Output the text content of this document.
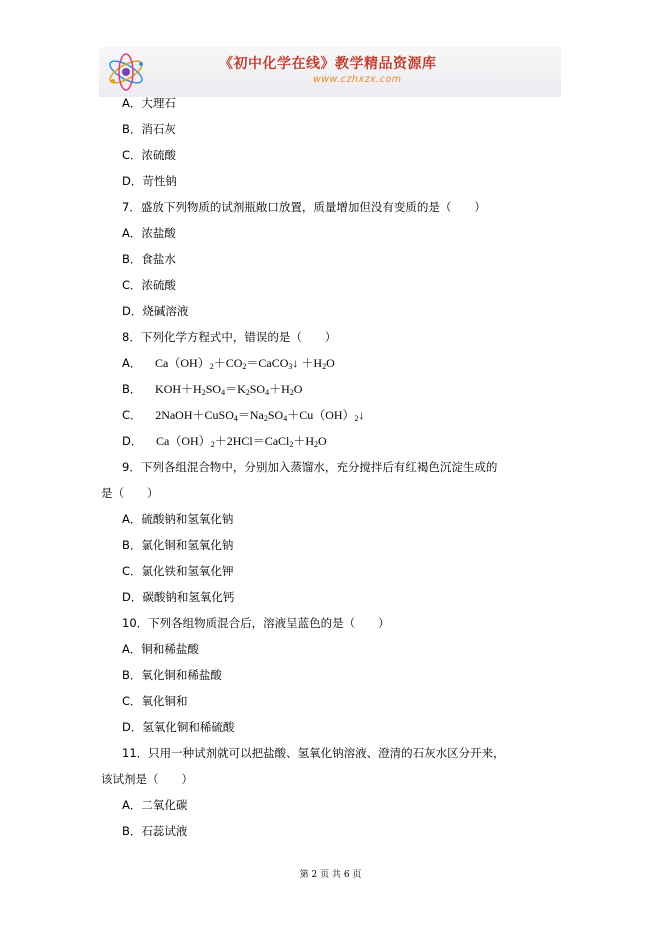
《初中化学在线》教学精品资源库
www.czhxzx.com
A．大理石
B．消石灰
C．浓硫酸
D．苛性钠
7．盛放下列物质的试剂瓶敞口放置，质量增加但没有变质的是（　　）
A．浓盐酸
B．食盐水
C．浓硫酸
D．烧碱溶液
8．下列化学方程式中，错误的是（　　）
A． $Ca(OH)_2+CO_2=CaCO_3↓ +H_2O$
B． $KOH+H_2SO_4=K_2SO_4+H_2O$
C． $2NaOH+CuSO_4=Na_2SO_4+Cu(OH)_2↓$
D． $Ca(OH)_2+2HCl=CaCl_2+H_2O$
9．下列各组混合物中，分别加入蒸馏水，充分搅拌后有红褐色沉淀生成的
是（　　）
A．硫酸钠和氢氧化钠
B．氯化铜和氢氧化钠
C．氯化铁和氢氧化钾
D．碳酸钠和氢氧化钙
10．下列各组物质混合后，溶液呈蓝色的是（　　）
A．铜和稀盐酸
B．氧化铜和稀盐酸
C．氧化铜和
D．氢氧化铜和稀硫酸
11．只用一种试剂就可以把盐酸、氢氧化钠溶液、澄清的石灰水区分开来，
该试剂是（　　）
A．二氧化碳
B．石蕊试液
第 2 页 共 6 页
